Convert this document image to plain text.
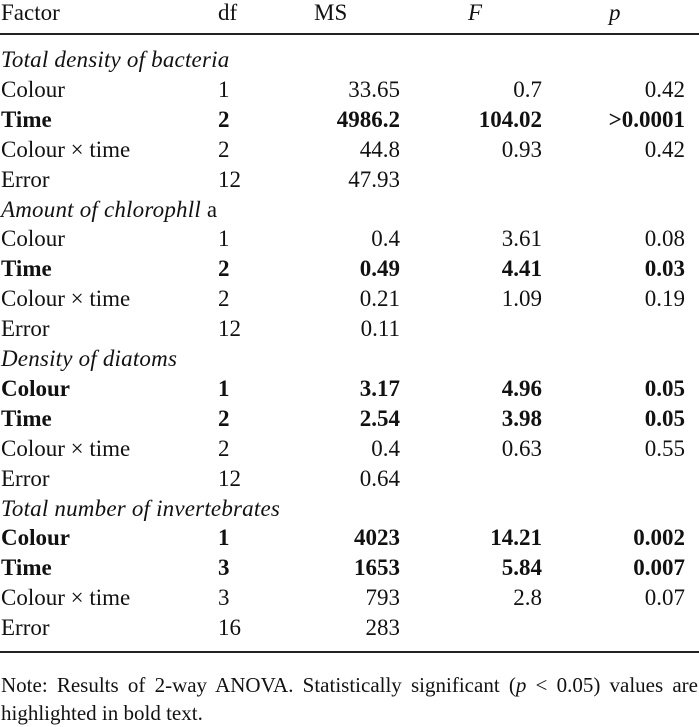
Factor	df	MS	F	p
Total density of bacteria
Colour	1	33.65	0.7	0.42
Time	2	4986.2	104.02	>0.0001
Colour × time	2	44.8	0.93	0.42
Error	12	47.93
Amount of chlorophll a
Colour	1	0.4	3.61	0.08
Time	2	0.49	4.41	0.03
Colour × time	2	0.21	1.09	0.19
Error	12	0.11
Density of diatoms
Colour	1	3.17	4.96	0.05
Time	2	2.54	3.98	0.05
Colour × time	2	0.4	0.63	0.55
Error	12	0.64
Total number of invertebrates
Colour	1	4023	14.21	0.002
Time	3	1653	5.84	0.007
Colour × time	3	793	2.8	0.07
Error	16	283
Note: Results of 2-way ANOVA. Statistically significant (p < 0.05) values are highlighted in bold text.
